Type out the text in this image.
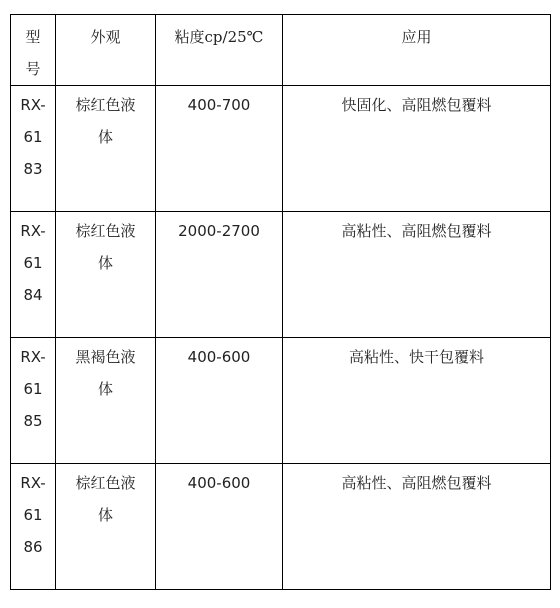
型号	外观	粘度cp/25℃	应用
RX-6183	棕红色液体	400-700	快固化、高阻燃包覆料
RX-6184	棕红色液体	2000-2700	高粘性、高阻燃包覆料
RX-6185	黑褐色液体	400-600	高粘性、快干包覆料
RX-6186	棕红色液体	400-600	高粘性、高阻燃包覆料
